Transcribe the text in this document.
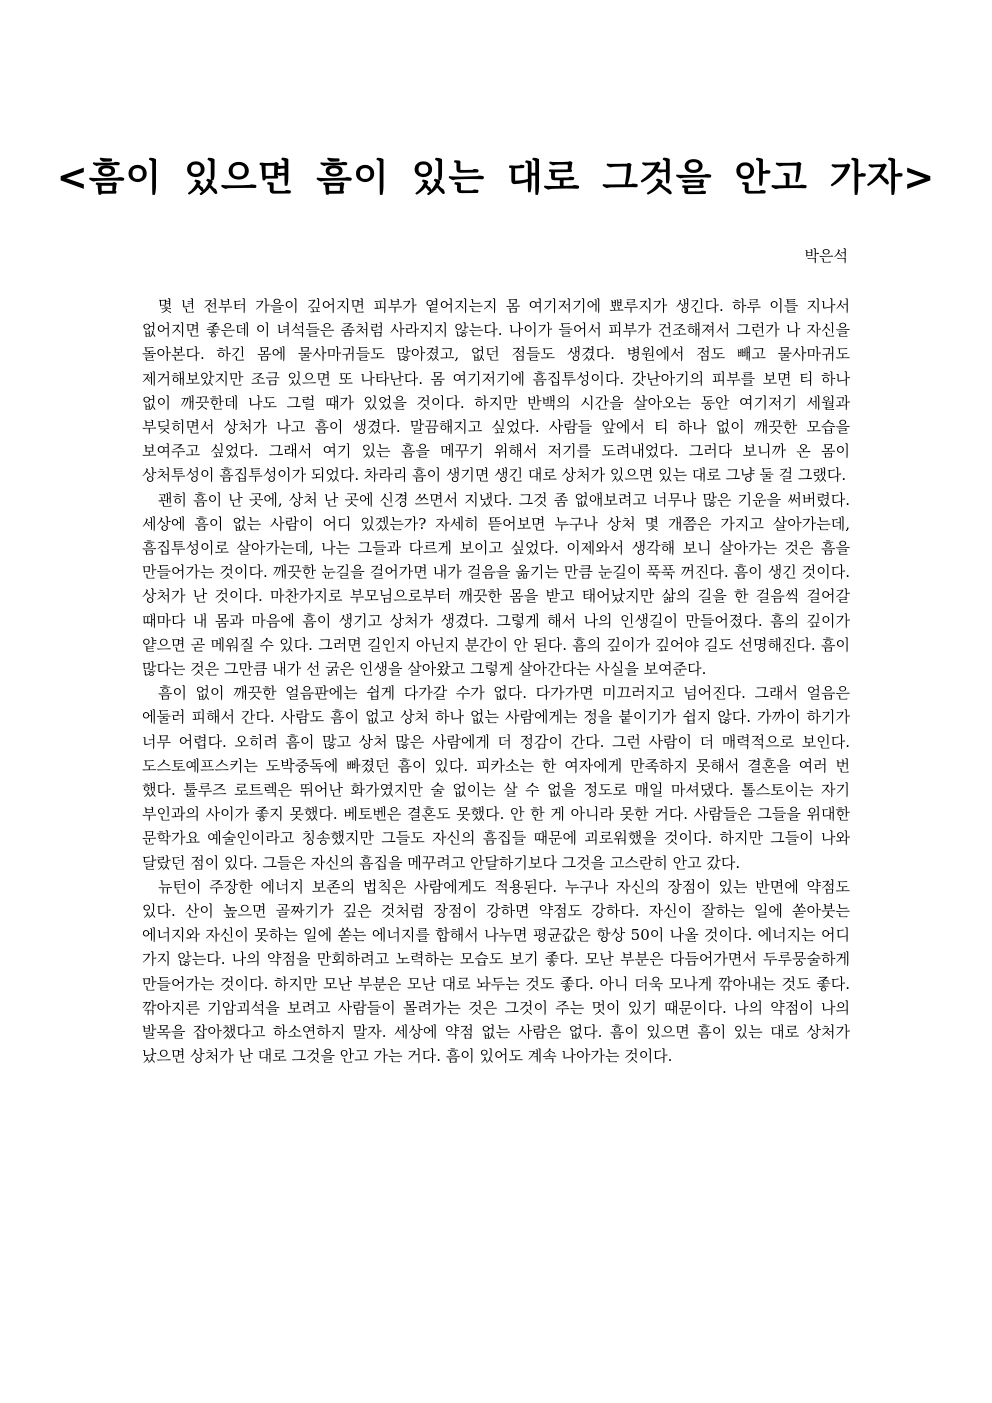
<흠이 있으면 흠이 있는 대로 그것을 안고 가자>
박은석

몇 년 전부터 가을이 깊어지면 피부가 옅어지는지 몸 여기저기에 뾰루지가 생긴다. 하루 이틀 지나서 없어지면 좋은데 이 녀석들은 좀처럼 사라지지 않는다. 나이가 들어서 피부가 건조해져서 그런가 나 자신을 돌아본다. 하긴 몸에 물사마귀들도 많아졌고, 없던 점들도 생겼다. 병원에서 점도 빼고 물사마귀도 제거해보았지만 조금 있으면 또 나타난다. 몸 여기저기에 흠집투성이다. 갓난아기의 피부를 보면 티 하나 없이 깨끗한데 나도 그럴 때가 있었을 것이다. 하지만 반백의 시간을 살아오는 동안 여기저기 세월과 부딪히면서 상처가 나고 흠이 생겼다. 말끔해지고 싶었다. 사람들 앞에서 티 하나 없이 깨끗한 모습을 보여주고 싶었다. 그래서 여기 있는 흠을 메꾸기 위해서 저기를 도려내었다. 그러다 보니까 온 몸이 상처투성이 흠집투성이가 되었다. 차라리 흠이 생기면 생긴 대로 상처가 있으면 있는 대로 그냥 둘 걸 그랬다.

괜히 흠이 난 곳에, 상처 난 곳에 신경 쓰면서 지냈다. 그것 좀 없애보려고 너무나 많은 기운을 써버렸다. 세상에 흠이 없는 사람이 어디 있겠는가? 자세히 뜯어보면 누구나 상처 몇 개쯤은 가지고 살아가는데, 흠집투성이로 살아가는데, 나는 그들과 다르게 보이고 싶었다. 이제와서 생각해 보니 살아가는 것은 흠을 만들어가는 것이다. 깨끗한 눈길을 걸어가면 내가 걸음을 옮기는 만큼 눈길이 푹푹 꺼진다. 흠이 생긴 것이다. 상처가 난 것이다. 마찬가지로 부모님으로부터 깨끗한 몸을 받고 태어났지만 삶의 길을 한 걸음씩 걸어갈 때마다 내 몸과 마음에 흠이 생기고 상처가 생겼다. 그렇게 해서 나의 인생길이 만들어졌다. 흠의 깊이가 얕으면 곧 메워질 수 있다. 그러면 길인지 아닌지 분간이 안 된다. 흠의 깊이가 깊어야 길도 선명해진다. 흠이 많다는 것은 그만큼 내가 선 굵은 인생을 살아왔고 그렇게 살아간다는 사실을 보여준다.

흠이 없이 깨끗한 얼음판에는 쉽게 다가갈 수가 없다. 다가가면 미끄러지고 넘어진다. 그래서 얼음은 에둘러 피해서 간다. 사람도 흠이 없고 상처 하나 없는 사람에게는 정을 붙이기가 쉽지 않다. 가까이 하기가 너무 어렵다. 오히려 흠이 많고 상처 많은 사람에게 더 정감이 간다. 그런 사람이 더 매력적으로 보인다. 도스토예프스키는 도박중독에 빠졌던 흠이 있다. 피카소는 한 여자에게 만족하지 못해서 결혼을 여러 번 했다. 툴루즈 로트렉은 뛰어난 화가였지만 술 없이는 살 수 없을 정도로 매일 마셔댔다. 톨스토이는 자기 부인과의 사이가 좋지 못했다. 베토벤은 결혼도 못했다. 안 한 게 아니라 못한 거다. 사람들은 그들을 위대한 문학가요 예술인이라고 칭송했지만 그들도 자신의 흠집들 때문에 괴로워했을 것이다. 하지만 그들이 나와 달랐던 점이 있다. 그들은 자신의 흠집을 메꾸려고 안달하기보다 그것을 고스란히 안고 갔다.

뉴턴이 주장한 에너지 보존의 법칙은 사람에게도 적용된다. 누구나 자신의 장점이 있는 반면에 약점도 있다. 산이 높으면 골짜기가 깊은 것처럼 장점이 강하면 약점도 강하다. 자신이 잘하는 일에 쏟아붓는 에너지와 자신이 못하는 일에 쏟는 에너지를 합해서 나누면 평균값은 항상 50이 나올 것이다. 에너지는 어디 가지 않는다. 나의 약점을 만회하려고 노력하는 모습도 보기 좋다. 모난 부분은 다듬어가면서 두루뭉술하게 만들어가는 것이다. 하지만 모난 부분은 모난 대로 놔두는 것도 좋다. 아니 더욱 모나게 깎아내는 것도 좋다. 깎아지른 기암괴석을 보려고 사람들이 몰려가는 것은 그것이 주는 멋이 있기 때문이다. 나의 약점이 나의 발목을 잡아챘다고 하소연하지 말자. 세상에 약점 없는 사람은 없다. 흠이 있으면 흠이 있는 대로 상처가 났으면 상처가 난 대로 그것을 안고 가는 거다. 흠이 있어도 계속 나아가는 것이다.
